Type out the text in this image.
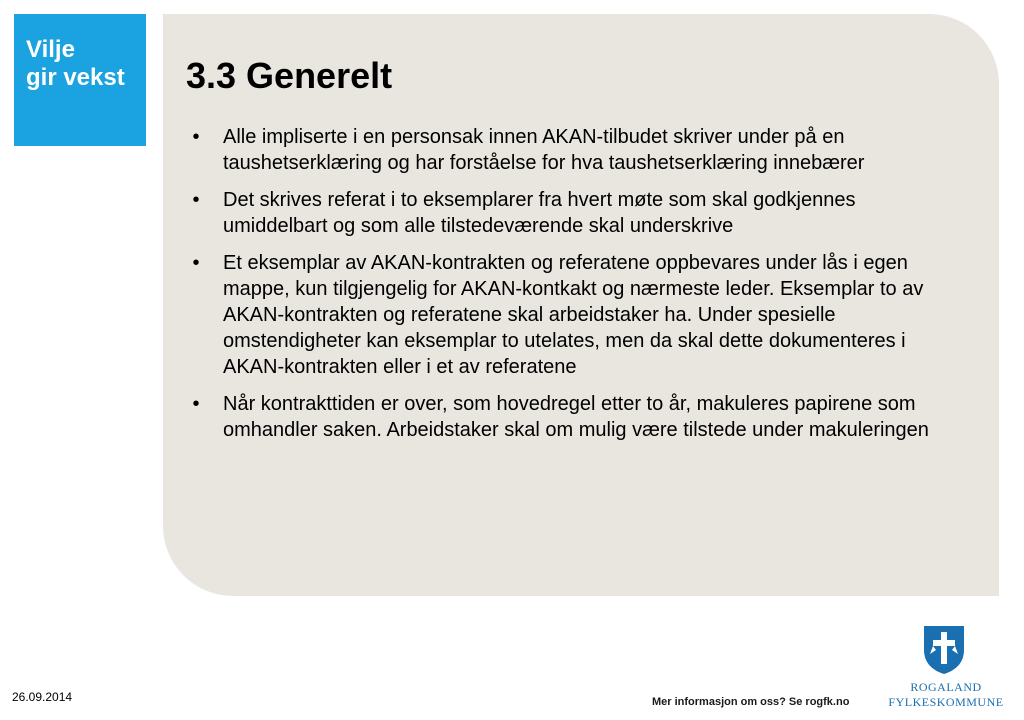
Vilje
gir vekst	3.3 Generelt
•	Alle impliserte i en personsak innen AKAN-tilbudet skriver under på en taushetserklæring og har forståelse for hva taushetserklæring innebærer
•	Det skrives referat i to eksemplarer fra hvert møte som skal godkjennes umiddelbart og som alle tilstedeværende skal underskrive
•	Et eksemplar av AKAN-kontrakten og referatene oppbevares under lås i egen mappe, kun tilgjengelig for AKAN-kontkakt og nærmeste leder. Eksemplar to av AKAN-kontrakten og referatene skal arbeidstaker ha. Under spesielle omstendigheter kan eksemplar to utelates, men da skal dette dokumenteres i AKAN-kontrakten eller i et av referatene
•	Når kontrakttiden er over, som hovedregel etter to år, makuleres papirene som omhandler saken. Arbeidstaker skal om mulig være tilstede under makuleringen
26.09.2014	Mer informasjon om oss? Se rogfk.no
ROGALAND
FYLKESKOMMUNE
